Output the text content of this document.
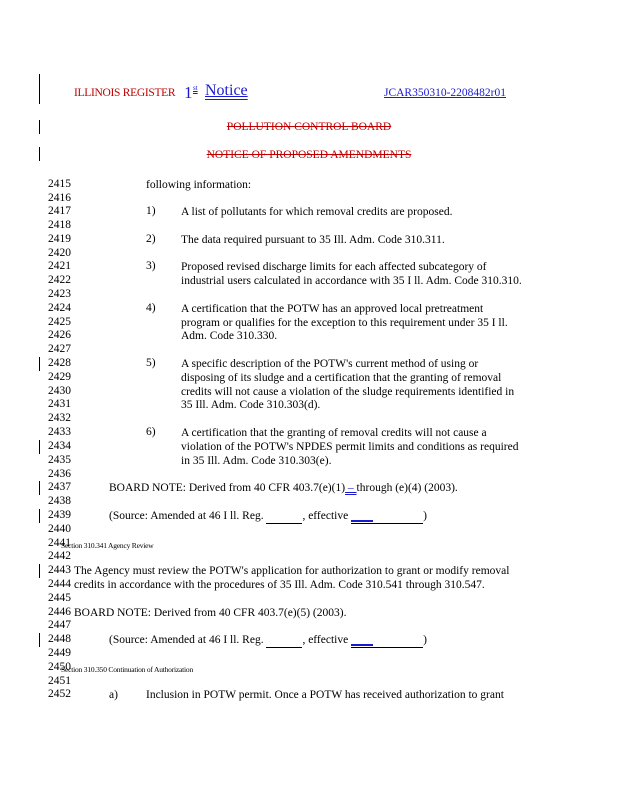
ILLINOIS REGISTER 1 st Notice	JCAR350310-2208482r01
POLLUTION CONTROL BOARD
NOTICE OF PROPOSED AMENDMENTS
2415
2416
2417
2418
2419
2420
2421
2422
2423
2424
2425
2426
2427
2428
2429
2430
2431
2432
2433
2434
2435
2436
2437
2438
2439
2440
2441
2442
2443
2444
2445
2446
2447
2448
2449
2450
2451
2452
following information:
1) A list of pollutants for which removal credits are proposed.
2) The data required pursuant to 35 Ill. Adm. Code 310.311.
3) Proposed revised discharge limits for each affected subcategory of
industrial users calculated in accordance with 35 I ll. Adm. Code 310.310.
4) A certification that the POTW has an approved local pretreatment
program or qualifies for the exception to this requirement under 35 I ll.
Adm. Code 310.330.
5) A specific description of the POTW's current method of using or
disposing of its sludge and a certification that the granting of removal
credits will not cause a violation of the sludge requirements identified in
35 Ill. Adm. Code 310.303(d).
6) A certification that the granting of removal credits will not cause a
violation of the POTW's NPDES permit limits and conditions as required
in 35 Ill. Adm. Code 310.303(e).
BOARD NOTE: Derived from 40 CFR 403.7(e)(1) – through (e)(4) (2003).
(Source: Amended at 46 I ll. Reg.	, effective	)
Section 310.341 Agency Review
The Agency must review the POTW's application for authorization to grant or modify removal
credits in accordance with the procedures of 35 Ill. Adm. Code 310.541 through 310.547.
BOARD NOTE: Derived from 40 CFR 403.7(e)(5) (2003).
(Source: Amended at 46 I ll. Reg.	, effective	)
Section 310.350 Continuation of Authorization
a) Inclusion in POTW permit. Once a POTW has received authorization to grant
